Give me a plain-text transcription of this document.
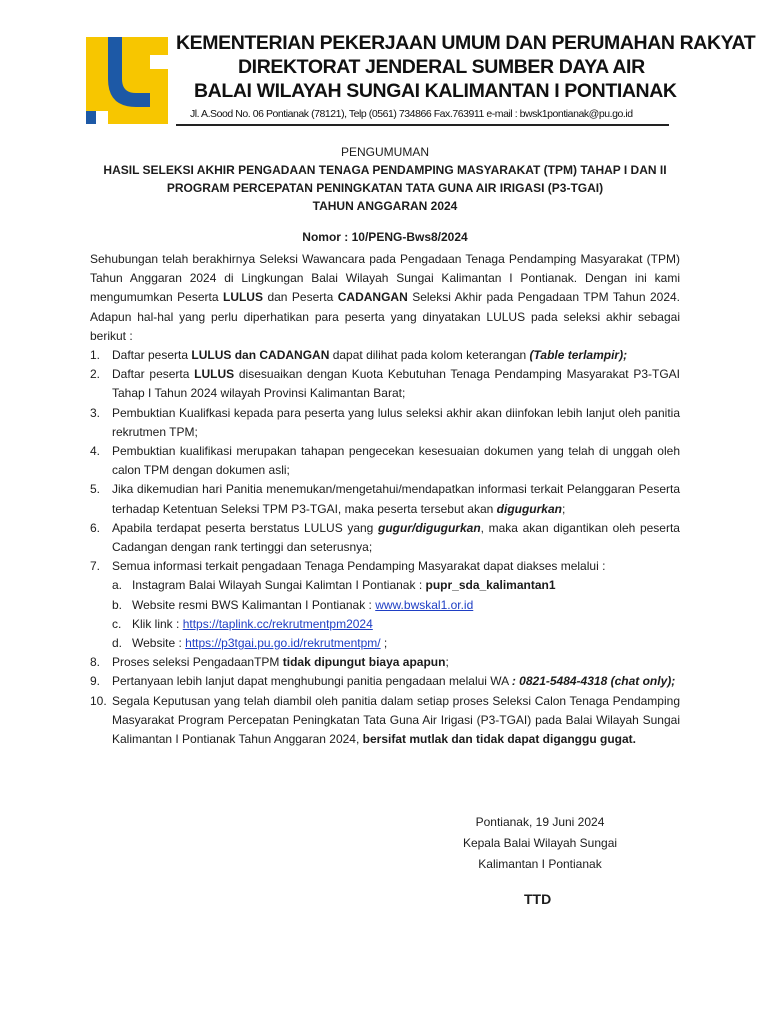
KEMENTERIAN PEKERJAAN UMUM DAN PERUMAHAN RAKYAT
DIREKTORAT JENDERAL SUMBER DAYA AIR
BALAI WILAYAH SUNGAI KALIMANTAN I PONTIANAK
Jl. A.Sood No. 06 Pontianak (78121), Telp (0561) 734866 Fax.763911 e-mail : bwsk1pontianak@pu.go.id
PENGUMUMAN
HASIL SELEKSI AKHIR PENGADAAN TENAGA PENDAMPING MASYARAKAT (TPM) TAHAP I DAN II
PROGRAM PERCEPATAN PENINGKATAN TATA GUNA AIR IRIGASI (P3-TGAI)
TAHUN ANGGARAN 2024
Nomor : 10/PENG-Bws8/2024

Sehubungan telah berakhirnya Seleksi Wawancara pada Pengadaan Tenaga Pendamping Masyarakat (TPM) Tahun Anggaran 2024 di Lingkungan Balai Wilayah Sungai Kalimantan I Pontianak. Dengan ini kami mengumumkan Peserta LULUS dan Peserta CADANGAN Seleksi Akhir pada Pengadaan TPM Tahun 2024. Adapun hal-hal yang perlu diperhatikan para peserta yang dinyatakan LULUS pada seleksi akhir sebagai berikut :

1. Daftar peserta LULUS dan CADANGAN dapat dilihat pada kolom keterangan (Table terlampir);
2. Daftar peserta LULUS disesuaikan dengan Kuota Kebutuhan Tenaga Pendamping Masyarakat P3-TGAI Tahap I Tahun 2024 wilayah Provinsi Kalimantan Barat;
3. Pembuktian Kualifkasi kepada para peserta yang lulus seleksi akhir akan diinfokan lebih lanjut oleh panitia rekrutmen TPM;
4. Pembuktian kualifikasi merupakan tahapan pengecekan kesesuaian dokumen yang telah di unggah oleh calon TPM dengan dokumen asli;
5. Jika dikemudian hari Panitia menemukan/mengetahui/mendapatkan informasi terkait Pelanggaran Peserta terhadap Ketentuan Seleksi TPM P3-TGAI, maka peserta tersebut akan digugurkan;
6. Apabila terdapat peserta berstatus LULUS yang gugur/digugurkan, maka akan digantikan oleh peserta Cadangan dengan rank tertinggi dan seterusnya;
7. Semua informasi terkait pengadaan Tenaga Pendamping Masyarakat dapat diakses melalui :
a. Instagram Balai Wilayah Sungai Kalimtan I Pontianak : pupr_sda_kalimantan1
b. Website resmi BWS Kalimantan I Pontianak : www.bwskal1.or.id
c. Klik link : https://taplink.cc/rekrutmentpm2024
d. Website : https://p3tgai.pu.go.id/rekrutmentpm/ ;
8. Proses seleksi PengadaanTPM tidak dipungut biaya apapun;
9. Pertanyaan lebih lanjut dapat menghubungi panitia pengadaan melalui WA : 0821-5484-4318 (chat only);
10. Segala Keputusan yang telah diambil oleh panitia dalam setiap proses Seleksi Calon Tenaga Pendamping Masyarakat Program Percepatan Peningkatan Tata Guna Air Irigasi (P3-TGAI) pada Balai Wilayah Sungai Kalimantan I Pontianak Tahun Anggaran 2024, bersifat mutlak dan tidak dapat diganggu gugat.
Pontianak, 19 Juni 2024
Kepala Balai Wilayah Sungai
Kalimantan I Pontianak
TTD
